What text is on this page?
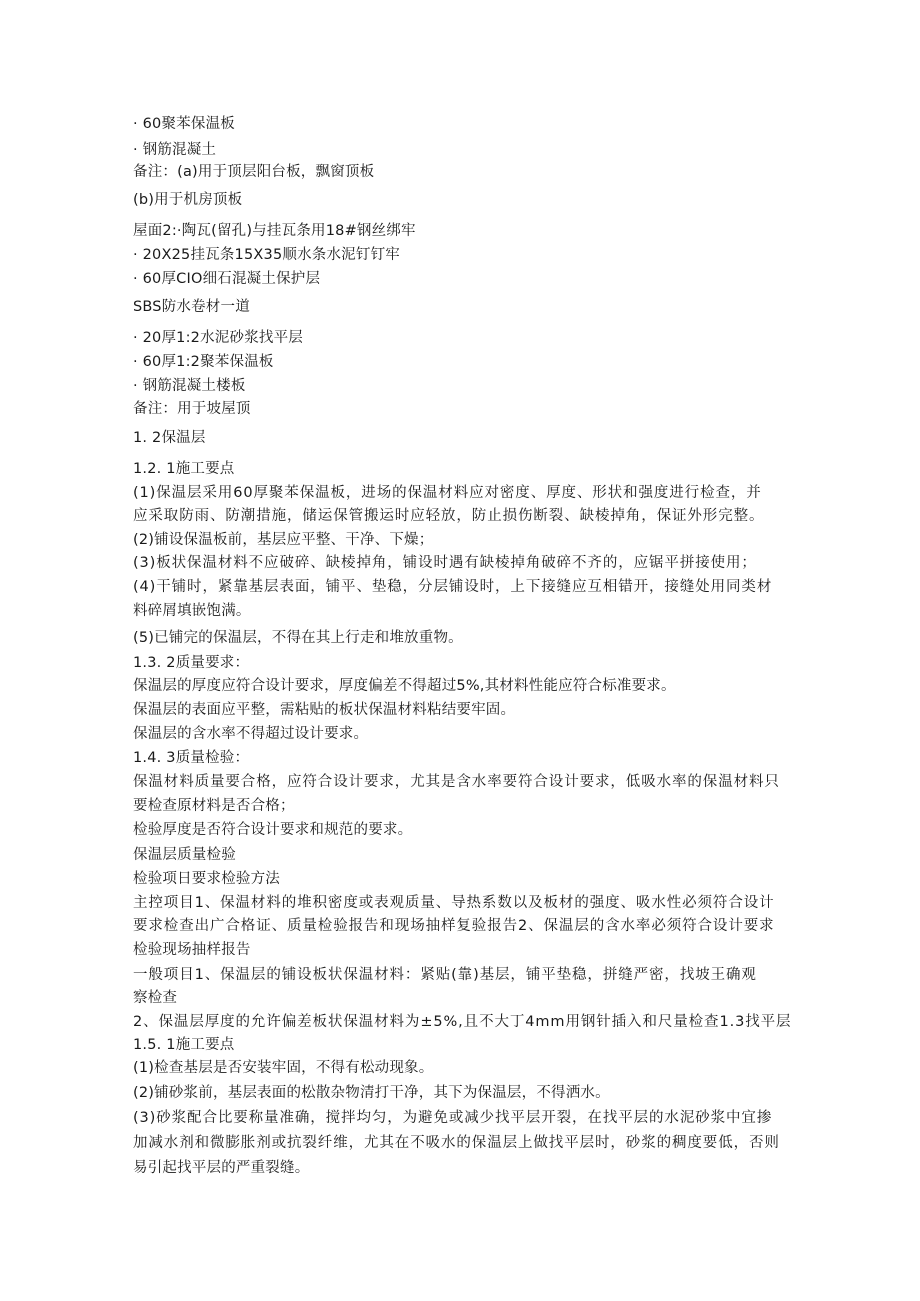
· 60聚苯保温板
· 钢筋混凝土
备注：(a)用于顶层阳台板，飘窗顶板
(b)用于机房顶板
屋面2:·陶瓦(留孔)与挂瓦条用18#钢丝绑牢
· 20X25挂瓦条15X35顺水条水泥钉钉牢
· 60厚CIO细石混凝土保护层
SBS防水卷材一道
· 20厚1:2水泥砂浆找平层
· 60厚1:2聚苯保温板
· 钢筋混凝土楼板
备注：用于坡屋顶
1. 2保温层
1.2. 1施工要点
(1)保温层采用60厚聚苯保温板，进场的保温材料应对密度、厚度、形状和强度进行检查，并
应采取防雨、防潮措施，储运保管搬运时应轻放，防止损伤断裂、缺棱掉角，保证外形完整。
(2)铺设保温板前，基层应平整、干净、下燥；
(3)板状保温材料不应破碎、缺棱掉角，铺设时遇有缺棱掉角破碎不齐的，应锯平拼接使用；
(4)干铺时，紧靠基层表面，铺平、垫稳，分层铺设时，上下接缝应互相错开，接缝处用同类材
料碎屑填嵌饱满。
(5)已铺完的保温层，不得在其上行走和堆放重物。
1.3. 2质量要求：
保温层的厚度应符合设计要求，厚度偏差不得超过5%,其材料性能应符合标准要求。
保温层的表面应平整，需粘贴的板状保温材料粘结要牢固。
保温层的含水率不得超过设计要求。
1.4. 3质量检验：
保温材料质量要合格，应符合设计要求，尤其是含水率要符合设计要求，低吸水率的保温材料只
要检查原材料是否合格；
检验厚度是否符合设计要求和规范的要求。
保温层质量检验
检验项日要求检验方法
主控项目1、保温材料的堆积密度或表观质量、导热系数以及板材的强度、吸水性必须符合设计
要求检查出广合格证、质量检验报告和现场抽样复验报告2、保温层的含水率必须符合设计要求
检验现场抽样报告
一般项目1、保温层的铺设板状保温材料：紧贴(靠)基层，铺平垫稳，拼缝严密，找坡王确观
察检查
2、保温层厚度的允许偏差板状保温材料为±5%,且不大丁4mm用钢针插入和尺量检查1.3找平层
1.5. 1施工要点
(1)检查基层是否安装牢固，不得有松动现象。
(2)铺砂浆前，基层表面的松散杂物清打干净，其下为保温层，不得洒水。
(3)砂浆配合比要称量准确，搅拌均匀，为避免或减少找平层开裂，在找平层的水泥砂浆中宜掺
加减水剂和微膨胀剂或抗裂纤维，尤其在不吸水的保温层上做找平层时，砂浆的稠度要低，否则
易引起找平层的严重裂缝。
